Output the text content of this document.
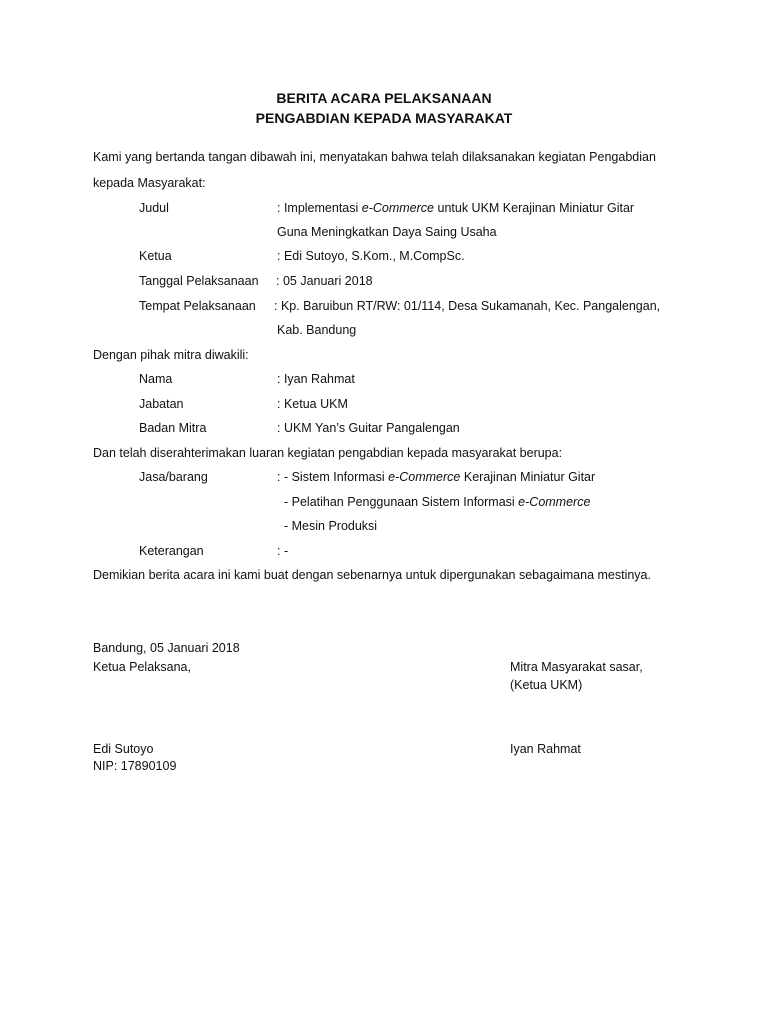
BERITA ACARA PELAKSANAAN
PENGABDIAN KEPADA MASYARAKAT
Kami yang bertanda tangan dibawah ini, menyatakan bahwa telah dilaksanakan kegiatan Pengabdian
kepada Masyarakat:
Judul	: Implementasi e-Commerce untuk UKM Kerajinan Miniatur Gitar
Guna Meningkatkan Daya Saing Usaha
Ketua	: Edi Sutoyo, S.Kom., M.CompSc.
Tanggal Pelaksanaan : 05 Januari 2018
Tempat Pelaksanaan : Kp. Baruibun RT/RW: 01/114, Desa Sukamanah, Kec. Pangalengan,
Kab. Bandung
Dengan pihak mitra diwakili:
Nama	: Iyan Rahmat
Jabatan	: Ketua UKM
Badan Mitra	: UKM Yan’s Guitar Pangalengan
Dan telah diserahterimakan luaran kegiatan pengabdian kepada masyarakat berupa:
Jasa/barang	: - Sistem Informasi e-Commerce Kerajinan Miniatur Gitar
- Pelatihan Penggunaan Sistem Informasi e-Commerce
- Mesin Produksi
Keterangan	: -
Demikian berita acara ini kami buat dengan sebenarnya untuk dipergunakan sebagaimana mestinya.
Bandung, 05 Januari 2018
Ketua Pelaksana,	Mitra Masyarakat sasar,
(Ketua UKM)
Edi Sutoyo
NIP: 17890109
Iyan Rahmat
